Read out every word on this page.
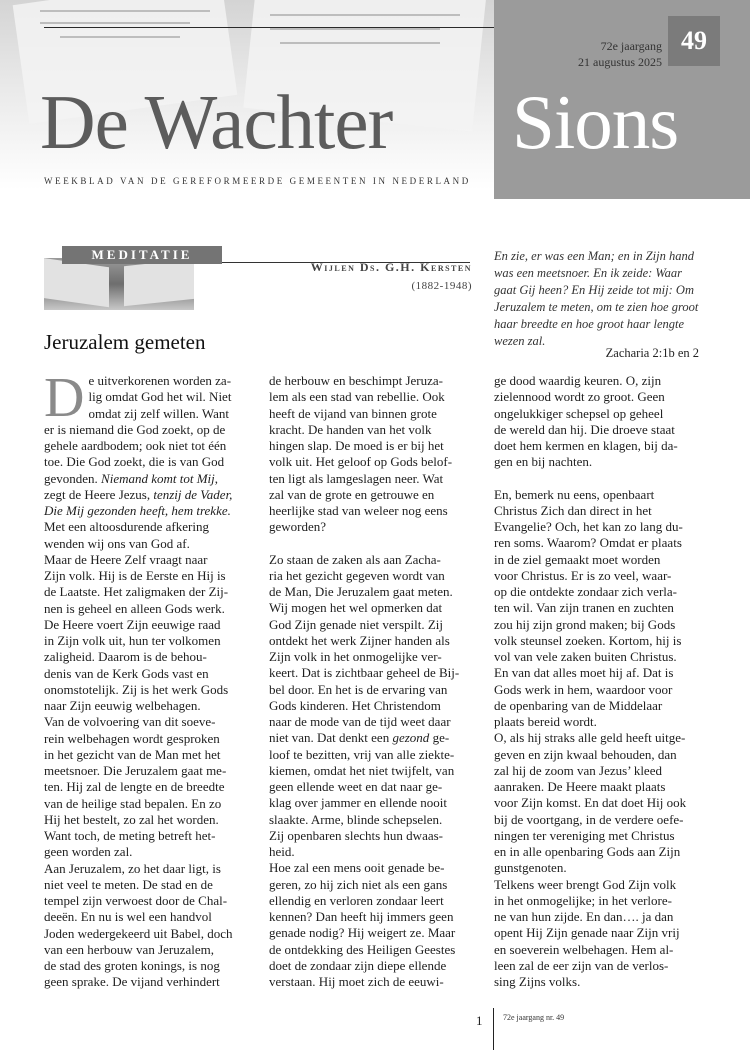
49
72e jaargang
21 augustus 2025
De Wachter Sions
WEEKBLAD VAN DE GEREFORMEERDE GEMEENTEN IN NEDERLAND
MEDITATIE
Wijlen Ds. G.H. Kersten
(1882-1948)
En zie, er was een Man; en in Zijn hand was een meetsnoer. En ik zeide: Waar gaat Gij heen? En Hij zeide tot mij: Om Jeruzalem te meten, om te zien hoe groot haar breedte en hoe groot haar lengte wezen zal.
Zacharia 2:1b en 2
Jeruzalem gemeten

De uitverkorenen worden za-
lig omdat God het wil. Niet
omdat zij zelf willen. Want
er is niemand die God zoekt, op de
gehele aardbodem; ook niet tot één
toe. Die God zoekt, die is van God
gevonden. Niemand komt tot Mij,
zegt de Heere Jezus, tenzij de Vader,
Die Mij gezonden heeft, hem trekke.
Met een altoosdurende afkering
wenden wij ons van God af.

Maar de Heere Zelf vraagt naar
Zijn volk. Hij is de Eerste en Hij is
de Laatste. Het zaligmaken der Zij-
nen is geheel en alleen Gods werk.
De Heere voert Zijn eeuwige raad
in Zijn volk uit, hun ter volkomen
zaligheid. Daarom is de behou-
denis van de Kerk Gods vast en
onomstotelijk. Zij is het werk Gods
naar Zijn eeuwig welbehagen.

Van de volvoering van dit soeve-
rein welbehagen wordt gesproken
in het gezicht van de Man met het
meetsnoer. Die Jeruzalem gaat me-
ten. Hij zal de lengte en de breedte
van de heilige stad bepalen. En zo
Hij het bestelt, zo zal het worden.
Want toch, de meting betreft het-
geen worden zal.

Aan Jeruzalem, zo het daar ligt, is
niet veel te meten. De stad en de
tempel zijn verwoest door de Chal-
deeën. En nu is wel een handvol
Joden wedergekeerd uit Babel, doch
van een herbouw van Jeruzalem,
de stad des groten konings, is nog
geen sprake. De vijand verhindert

de herbouw en beschimpt Jeruza-
lem als een stad van rebellie. Ook
heeft de vijand van binnen grote
kracht. De handen van het volk
hingen slap. De moed is er bij het
volk uit. Het geloof op Gods belof-
ten ligt als lamgeslagen neer. Wat
zal van de grote en getrouwe en
heerlijke stad van weleer nog eens
geworden?

Zo staan de zaken als aan Zacha-
ria het gezicht gegeven wordt van
de Man, Die Jeruzalem gaat meten.
Wij mogen het wel opmerken dat
God Zijn genade niet verspilt. Zij
ontdekt het werk Zijner handen als
Zijn volk in het onmogelijke ver-
keert. Dat is zichtbaar geheel de Bij-
bel door. En het is de ervaring van
Gods kinderen. Het Christendom
naar de mode van de tijd weet daar
niet van. Dat denkt een gezond ge-
loof te bezitten, vrij van alle ziekte-
kiemen, omdat het niet twijfelt, van
geen ellende weet en dat naar ge-
klag over jammer en ellende nooit
slaakte. Arme, blinde schepselen.
Zij openbaren slechts hun dwaas-
heid.

Hoe zal een mens ooit genade be-
geren, zo hij zich niet als een gans
ellendig en verloren zondaar leert
kennen? Dan heeft hij immers geen
genade nodig? Hij weigert ze. Maar
de ontdekking des Heiligen Geestes
doet de zondaar zijn diepe ellende
verstaan. Hij moet zich de eeuwi-

ge dood waardig keuren. O, zijn
zielennood wordt zo groot. Geen
ongelukkiger schepsel op geheel
de wereld dan hij. Die droeve staat
doet hem kermen en klagen, bij da-
gen en bij nachten.

En, bemerk nu eens, openbaart
Christus Zich dan direct in het
Evangelie? Och, het kan zo lang du-
ren soms. Waarom? Omdat er plaats
in de ziel gemaakt moet worden
voor Christus. Er is zo veel, waar-
op die ontdekte zondaar zich verla-
ten wil. Van zijn tranen en zuchten
zou hij zijn grond maken; bij Gods
volk steunsel zoeken. Kortom, hij is
vol van vele zaken buiten Christus.
En van dat alles moet hij af. Dat is
Gods werk in hem, waardoor voor
de openbaring van de Middelaar
plaats bereid wordt.

O, als hij straks alle geld heeft uitge-
geven en zijn kwaal behouden, dan
zal hij de zoom van Jezus’ kleed
aanraken. De Heere maakt plaats
voor Zijn komst. En dat doet Hij ook
bij de voortgang, in de verdere oefe-
ningen ter vereniging met Christus
en in alle openbaring Gods aan Zijn
gunstgenoten.

Telkens weer brengt God Zijn volk
in het onmogelijke; in het verlore-
ne van hun zijde. En dan…. ja dan
opent Hij Zijn genade naar Zijn vrij
en soeverein welbehagen. Hem al-
leen zal de eer zijn van de verlos-
sing Zijns volks.

1	72e jaargang nr. 49
